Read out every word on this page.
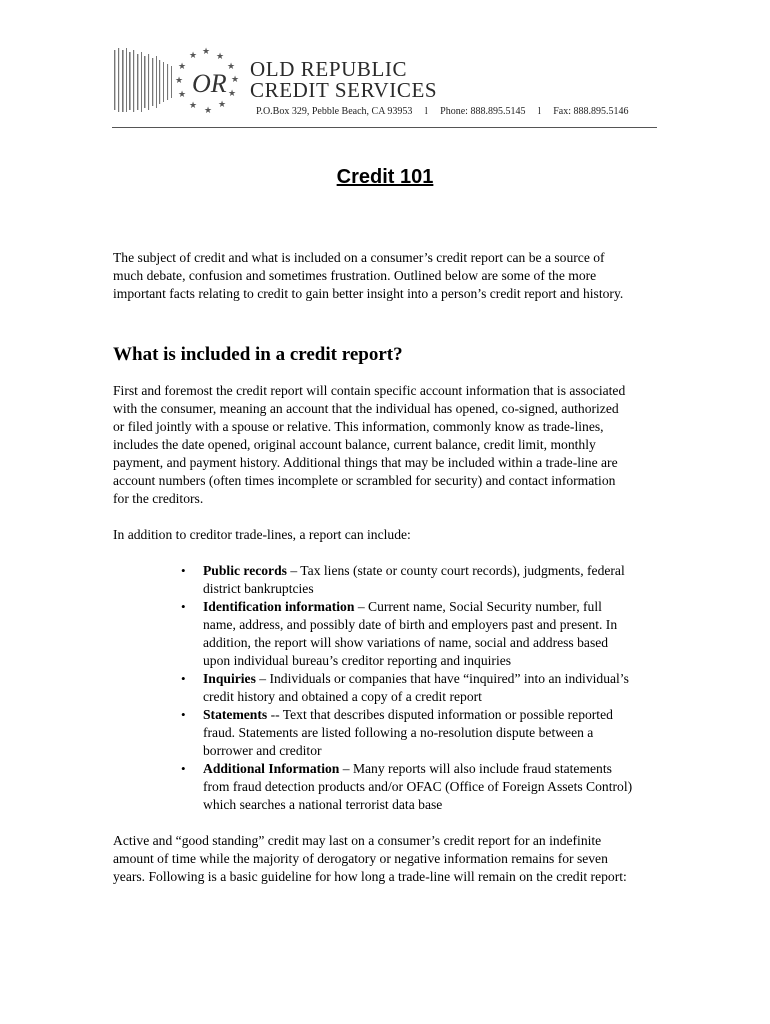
★ ★
★
★
★
★
★
★
★
★
★
★
OR OLD REPUBLIC
CREDIT SERVICES
P.O.Box 329, Pebble Beach, CA 93953 l Phone: 888.895.5145 l Fax: 888.895.5146
Credit 101

The subject of credit and what is included on a consumer’s credit report can be a source of much debate, confusion and sometimes frustration. Outlined below are some of the more important facts relating to credit to gain better insight into a person’s credit report and history.

What is included in a credit report?

First and foremost the credit report will contain specific account information that is associated with the consumer, meaning an account that the individual has opened, co-signed, authorized or filed jointly with a spouse or relative. This information, commonly know as trade-lines, includes the date opened, original account balance, current balance, credit limit, monthly payment, and payment history. Additional things that may be included within a trade-line are account numbers (often times incomplete or scrambled for security) and contact information for the creditors.

In addition to creditor trade-lines, a report can include:

• Public records – Tax liens (state or county court records), judgments, federal district bankruptcies
• Identification information – Current name, Social Security number, full name, address, and possibly date of birth and employers past and present. In addition, the report will show variations of name, social and address based upon individual bureau’s creditor reporting and inquiries
• Inquiries – Individuals or companies that have “inquired” into an individual’s credit history and obtained a copy of a credit report
• Statements -- Text that describes disputed information or possible reported fraud. Statements are listed following a no-resolution dispute between a borrower and creditor
• Additional Information – Many reports will also include fraud statements from fraud detection products and/or OFAC (Office of Foreign Assets Control) which searches a national terrorist data base

Active and “good standing” credit may last on a consumer’s credit report for an indefinite amount of time while the majority of derogatory or negative information remains for seven years. Following is a basic guideline for how long a trade-line will remain on the credit report:
